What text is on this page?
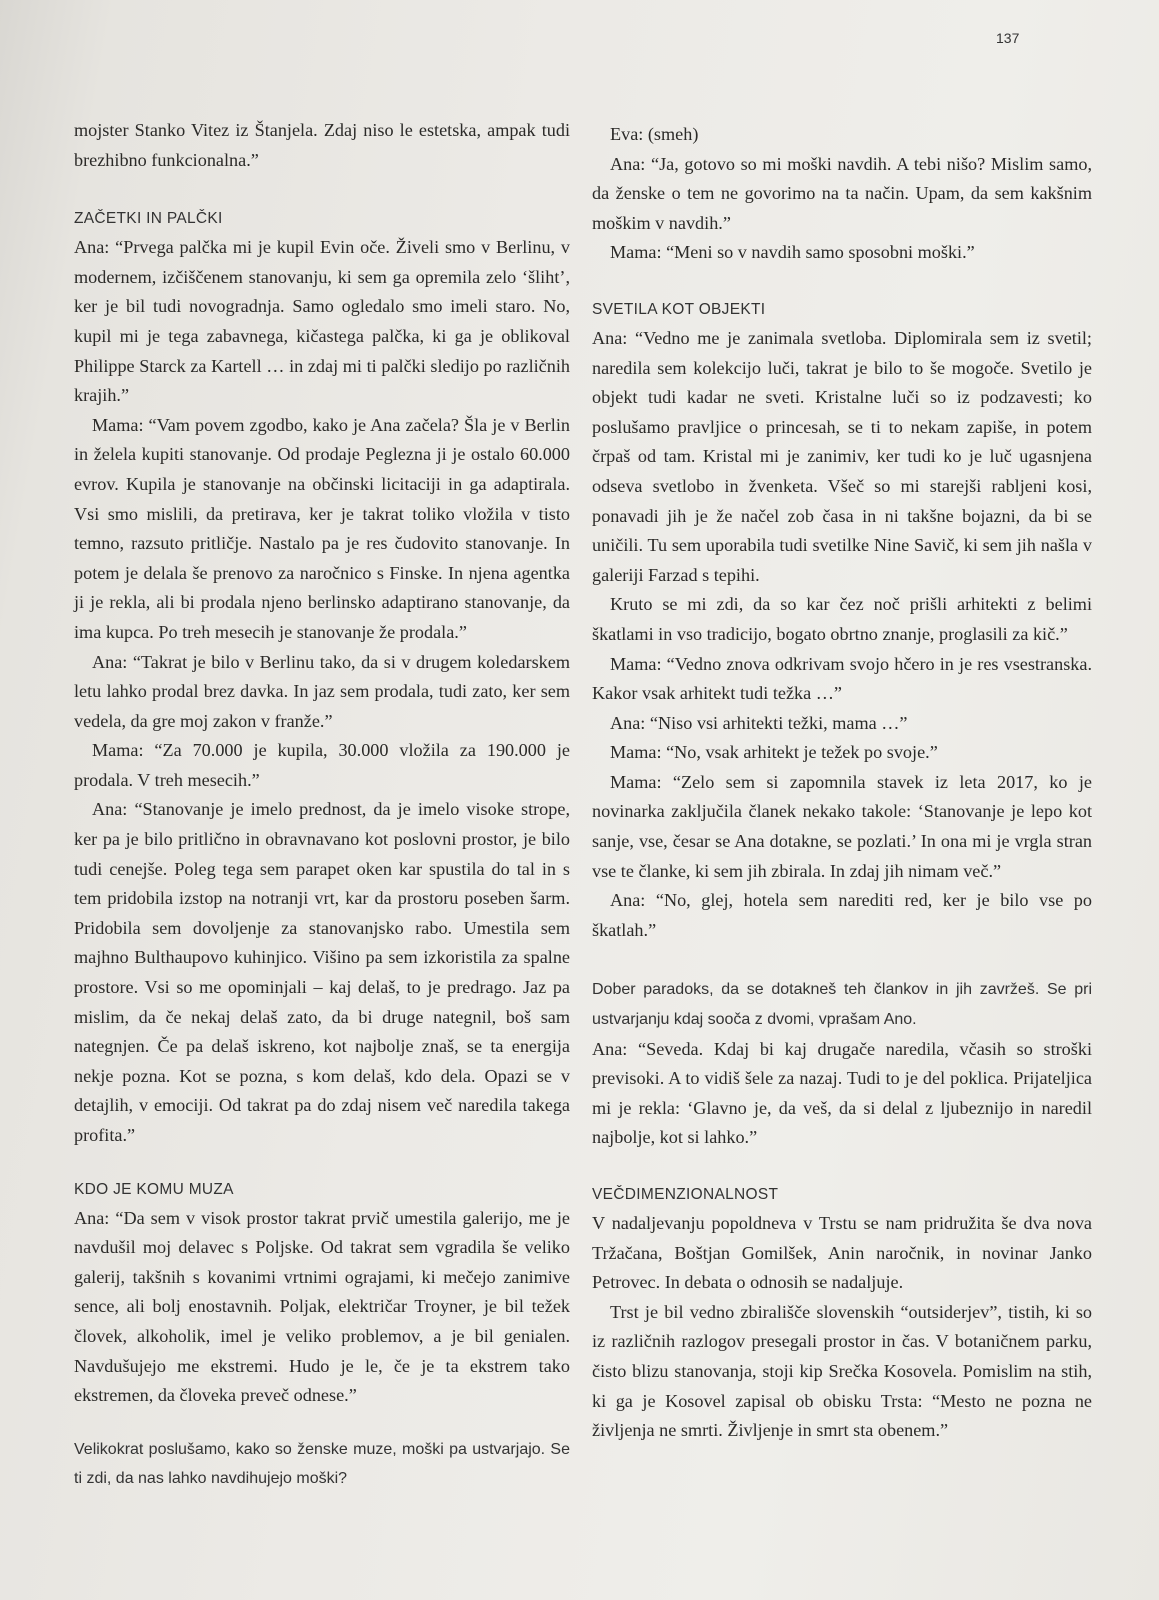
137

mojster Stanko Vitez iz Štanjela. Zdaj niso le estetska, ampak tudi brezhibno funkcionalna.”

ZAČETKI IN PALČKI

Ana: “Prvega palčka mi je kupil Evin oče. Živeli smo v Berlinu, v modernem, izčiščenem stanovanju, ki sem ga opremila zelo ‘šliht’, ker je bil tudi novogradnja. Samo ogledalo smo imeli staro. No, kupil mi je tega zabavnega, kičastega palčka, ki ga je oblikoval Philippe Starck za Kartell … in zdaj mi ti palčki sledijo po različnih krajih.”

Mama: “Vam povem zgodbo, kako je Ana začela? Šla je v Berlin in želela kupiti stanovanje. Od prodaje Peglezna ji je ostalo 60.000 evrov. Kupila je stanovanje na občinski licitaciji in ga adaptirala. Vsi smo mislili, da pretirava, ker je takrat toliko vložila v tisto temno, razsuto pritličje. Nastalo pa je res čudovito stanovanje. In potem je delala še prenovo za naročnico s Finske. In njena agentka ji je rekla, ali bi prodala njeno berlinsko adaptirano stanovanje, da ima kupca. Po treh mesecih je stanovanje že prodala.”

Ana: “Takrat je bilo v Berlinu tako, da si v drugem koledarskem letu lahko prodal brez davka. In jaz sem prodala, tudi zato, ker sem vedela, da gre moj zakon v franže.”

Mama: “Za 70.000 je kupila, 30.000 vložila za 190.000 je prodala. V treh mesecih.”

Ana: “Stanovanje je imelo prednost, da je imelo visoke strope, ker pa je bilo pritlično in obravnavano kot poslovni prostor, je bilo tudi cenejše. Poleg tega sem parapet oken kar spustila do tal in s tem pridobila izstop na notranji vrt, kar da prostoru poseben šarm. Pridobila sem dovoljenje za stanovanjsko rabo. Umestila sem majhno Bulthaupovo kuhinjico. Višino pa sem izkoristila za spalne prostore. Vsi so me opominjali – kaj delaš, to je predrago. Jaz pa mislim, da če nekaj delaš zato, da bi druge nategnil, boš sam nategnjen. Če pa delaš iskreno, kot najbolje znaš, se ta energija nekje pozna. Kot se pozna, s kom delaš, kdo dela. Opazi se v detajlih, v emociji. Od takrat pa do zdaj nisem več naredila takega profita.”

KDO JE KOMU MUZA

Ana: “Da sem v visok prostor takrat prvič umestila galerijo, me je navdušil moj delavec s Poljske. Od takrat sem vgradila še veliko galerij, takšnih s kovanimi vrtnimi ograjami, ki mečejo zanimive sence, ali bolj enostavnih. Poljak, električar Troyner, je bil težek človek, alkoholik, imel je veliko problemov, a je bil genialen. Navdušujejo me ekstremi. Hudo je le, če je ta ekstrem tako ekstremen, da človeka preveč odnese.”

Velikokrat poslušamo, kako so ženske muze, moški pa ustvarjajo. Se ti zdi, da nas lahko navdihujejo moški?

Eva: (smeh)

Ana: “Ja, gotovo so mi moški navdih. A tebi nišo? Mislim samo, da ženske o tem ne govorimo na ta način. Upam, da sem kakšnim moškim v navdih.”

Mama: “Meni so v navdih samo sposobni moški.”

SVETILA KOT OBJEKTI

Ana: “Vedno me je zanimala svetloba. Diplomirala sem iz svetil; naredila sem kolekcijo luči, takrat je bilo to še mogoče. Svetilo je objekt tudi kadar ne sveti. Kristalne luči so iz podzavesti; ko poslušamo pravljice o princesah, se ti to nekam zapiše, in potem črpaš od tam. Kristal mi je zanimiv, ker tudi ko je luč ugasnjena odseva svetlobo in žvenketa. Všeč so mi starejši rabljeni kosi, ponavadi jih je že načel zob časa in ni takšne bojazni, da bi se uničili. Tu sem uporabila tudi svetilke Nine Savič, ki sem jih našla v galeriji Farzad s tepihi.

Kruto se mi zdi, da so kar čez noč prišli arhitekti z belimi škatlami in vso tradicijo, bogato obrtno znanje, proglasili za kič.”

Mama: “Vedno znova odkrivam svojo hčero in je res vsestranska. Kakor vsak arhitekt tudi težka …”

Ana: “Niso vsi arhitekti težki, mama …”

Mama: “No, vsak arhitekt je težek po svoje.”

Mama: “Zelo sem si zapomnila stavek iz leta 2017, ko je novinarka zaključila članek nekako takole: ‘Stanovanje je lepo kot sanje, vse, česar se Ana dotakne, se pozlati.’ In ona mi je vrgla stran vse te članke, ki sem jih zbirala. In zdaj jih nimam več.”

Ana: “No, glej, hotela sem narediti red, ker je bilo vse po škatlah.”

Dober paradoks, da se dotakneš teh člankov in jih zavržeš. Se pri ustvarjanju kdaj sooča z dvomi, vprašam Ano.

Ana: “Seveda. Kdaj bi kaj drugače naredila, včasih so stroški previsoki. A to vidiš šele za nazaj. Tudi to je del poklica. Prijateljica mi je rekla: ‘Glavno je, da veš, da si delal z ljubeznijo in naredil najbolje, kot si lahko.”

VEČDIMENZIONALNOST

V nadaljevanju popoldneva v Trstu se nam pridružita še dva nova Tržačana, Boštjan Gomilšek, Anin naročnik, in novinar Janko Petrovec. In debata o odnosih se nadaljuje.

Trst je bil vedno zbirališče slovenskih “outsiderjev”, tistih, ki so iz različnih razlogov presegali prostor in čas. V botaničnem parku, čisto blizu stanovanja, stoji kip Srečka Kosovela. Pomislim na stih, ki ga je Kosovel zapisal ob obisku Trsta: “Mesto ne pozna ne življenja ne smrti. Življenje in smrt sta obenem.”
